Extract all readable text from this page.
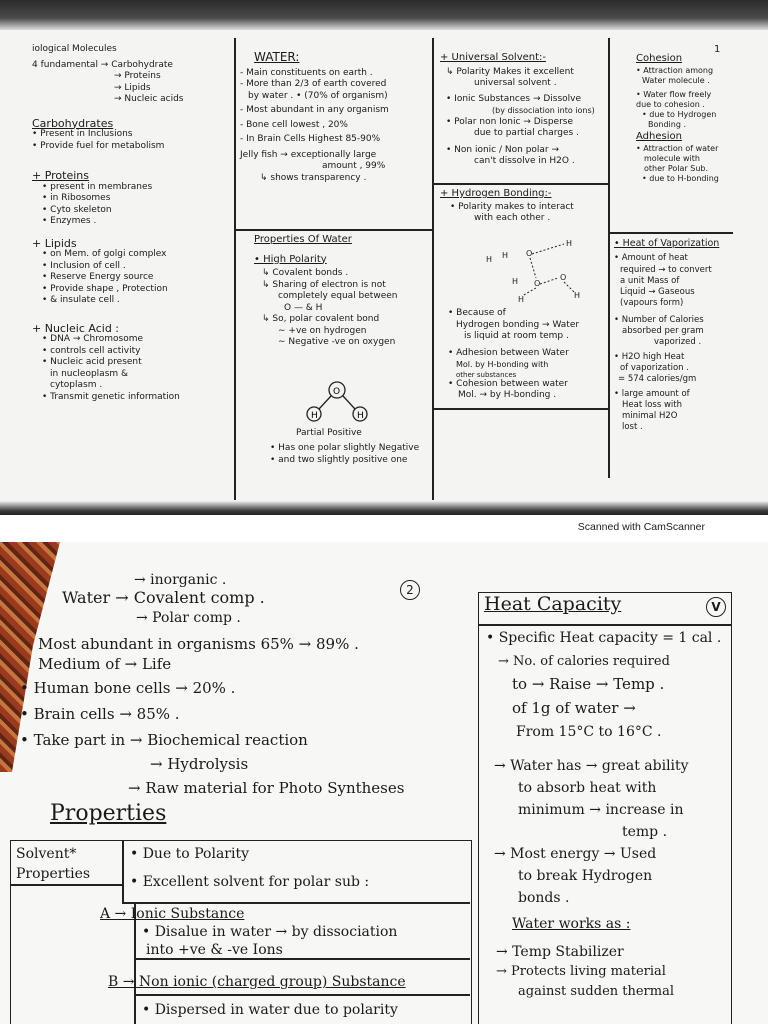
1
iological Molecules
4 fundamental → Carbohydrate
→ Proteins
→ Lipids
→ Nucleic acids
Carbohydrates
• Present in Inclusions
• Provide fuel for metabolism
+ Proteins
• present in membranes
• in Ribosomes
• Cyto skeleton
• Enzymes .
+ Lipids
• on Mem. of golgi complex
• Inclusion of cell .
• Reserve Energy source
• Provide shape , Protection
• & insulate cell .
+ Nucleic Acid :
• DNA → Chromosome
• controls cell activity
• Nucleic acid present
in nucleoplasm &
cytoplasm .
• Transmit genetic information
WATER:
- Main constituents on earth .
- More than 2/3 of earth covered
by water . • (70% of organism)
- Most abundant in any organism
- Bone cell lowest , 20%
- In Brain Cells Highest 85-90%
Jelly fish → exceptionally large
amount , 99%
↳ shows transparency .
Properties Of Water
• High Polarity
↳ Covalent bonds .
↳ Sharing of electron is not
completely equal between
O — & H
↳ So, polar covalent bond
∼ +ve on hydrogen
∼ Negative -ve on oxygen
O
H	H
Partial Positive
• Has one polar slightly Negative
• and two slightly positive one
+ Universal Solvent:-
↳ Polarity Makes it excellent
universal solvent .
• Ionic Substances → Dissolve
(by dissociation into ions)
• Polar non Ionic → Disperse
due to partial charges .
• Non ionic / Non polar →
can't dissolve in H2O .
+ Hydrogen Bonding:-
• Polarity makes to interact
with each other .
H H O
H
H O
O
H	H
• Because of
Hydrogen bonding → Water
is liquid at room temp .
• Adhesion between Water
Mol. by H-bonding with
other substances
• Cohesion between water
Mol. → by H-bonding .
Cohesion
• Attraction among
Water molecule .
• Water flow freely
due to cohesion .
• due to Hydrogen
Bonding .
Adhesion
• Attraction of water
molecule with
other Polar Sub.
• due to H-bonding
• Heat of Vaporization
• Amount of heat
required → to convert
a unit Mass of
Liquid → Gaseous
(vapours form)
• Number of Calories
absorbed per gram
vaporized .
• H2O high Heat
of vaporization .
= 574 calories/gm
• large amount of
Heat loss with
minimal H2O
lost .
Scanned with CamScanner
2
→ inorganic .
Water → Covalent comp .
→ Polar comp .
Most abundant in organisms 65% → 89% .
Medium of → Life
• Human bone cells → 20% .
• Brain cells → 85% .
• Take part in → Biochemical reaction
→ Hydrolysis
→ Raw material for Photo Syntheses
Properties
Solvent* Properties
• Due to Polarity
• Excellent solvent for polar sub :
A → Ionic Substance
• Disalue in water → by dissociation
into +ve & -ve Ions
B → Non ionic (charged group) Substance
• Dispersed in water due to polarity
Heat Capacity	V
• Specific Heat capacity = 1 cal .
→ No. of calories required
to → Raise → Temp .
of 1g of water →
From 15°C to 16°C .
→ Water has → great ability
to absorb heat with
minimum → increase in
temp .
→ Most energy → Used
to break Hydrogen
bonds .
Water works as :
→ Temp Stabilizer
→ Protects living material
against sudden thermal
